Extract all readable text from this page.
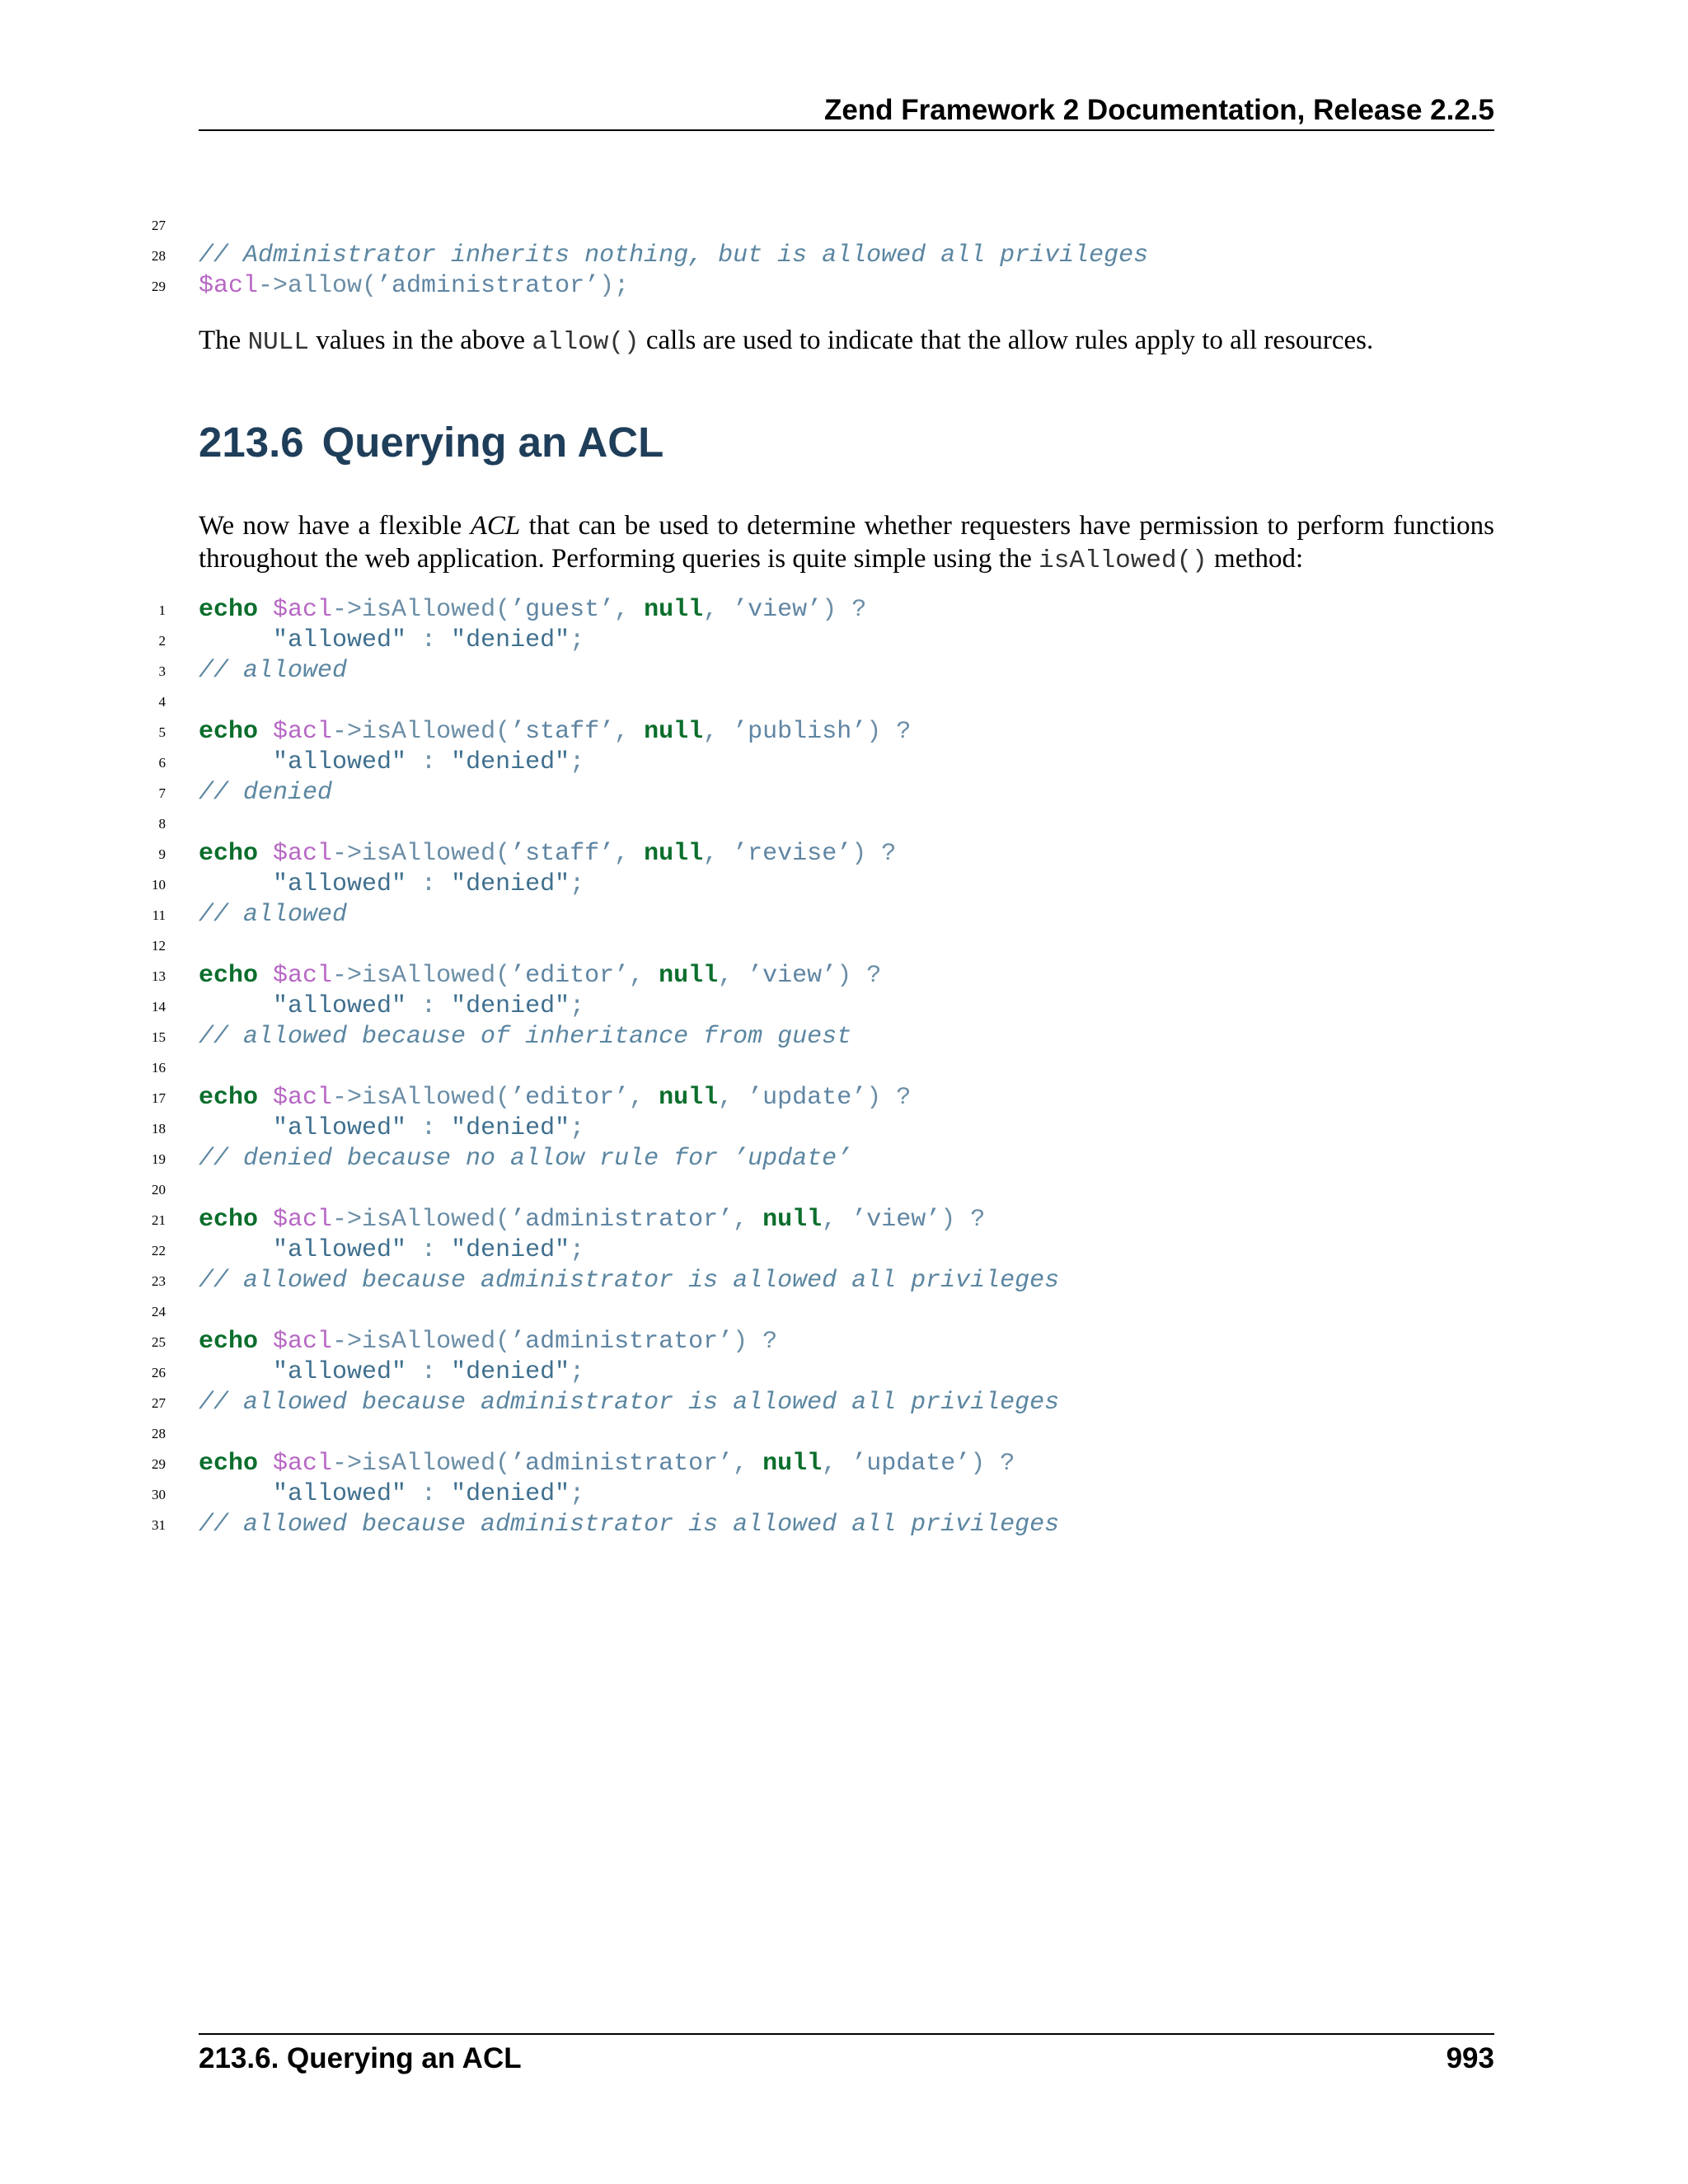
Zend Framework 2 Documentation, Release 2.2.5
27
28 // Administrator inherits nothing, but is allowed all privileges
29 $acl->allow(’administrator’);

The NULL values in the above allow() calls are used to indicate that the allow rules apply to all resources.

213.6 Querying an ACL

We now have a flexible ACL that can be used to determine whether requesters have permission to perform functions throughout the web application. Performing queries is quite simple using the isAllowed() method:

1 echo $acl->isAllowed(’guest’, null, ’view’) ?
2	"allowed" : "denied";
3 // allowed
4
5 echo $acl->isAllowed(’staff’, null, ’publish’) ?
6	"allowed" : "denied";
7 // denied
8
9 echo $acl->isAllowed(’staff’, null, ’revise’) ?
10	"allowed" : "denied";
11 // allowed
12
13 echo $acl->isAllowed(’editor’, null, ’view’) ?
14	"allowed" : "denied";
15 // allowed because of inheritance from guest
16
17 echo $acl->isAllowed(’editor’, null, ’update’) ?
18	"allowed" : "denied";
19 // denied because no allow rule for ’update’
20
21 echo $acl->isAllowed(’administrator’, null, ’view’) ?
22	"allowed" : "denied";
23 // allowed because administrator is allowed all privileges
24
25 echo $acl->isAllowed(’administrator’) ?
26	"allowed" : "denied";
27 // allowed because administrator is allowed all privileges
28
29 echo $acl->isAllowed(’administrator’, null, ’update’) ?
30	"allowed" : "denied";
31 // allowed because administrator is allowed all privileges
213.6. Querying an ACL	993
